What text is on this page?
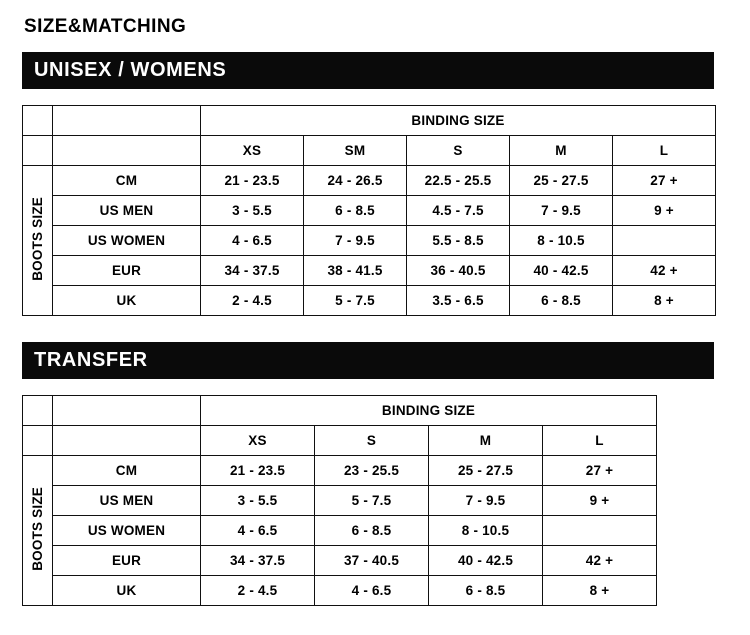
SIZE&MATCHING
UNISEX / WOMENS
		BINDING SIZE				
		XS	SM	S	M	L
BOOTS SIZE	CM	21 - 23.5	24 - 26.5	22.5 - 25.5	25 - 27.5	27 +
	US MEN	3 - 5.5	6 - 8.5	4.5 - 7.5	7 - 9.5	9 +
	US WOMEN	4 - 6.5	7 - 9.5	5.5 - 8.5	8 - 10.5	
	EUR	34 - 37.5	38 - 41.5	36 - 40.5	40 - 42.5	42 +
	UK	2 - 4.5	5 - 7.5	3.5 - 6.5	6 - 8.5	8 +
TRANSFER
		BINDING SIZE			
		XS	S	M	L
BOOTS SIZE	CM	21 - 23.5	23 - 25.5	25 - 27.5	27 +
	US MEN	3 - 5.5	5 - 7.5	7 - 9.5	9 +
	US WOMEN	4 - 6.5	6 - 8.5	8 - 10.5	
	EUR	34 - 37.5	37 - 40.5	40 - 42.5	42 +
	UK	2 - 4.5	4 - 6.5	6 - 8.5	8 +
